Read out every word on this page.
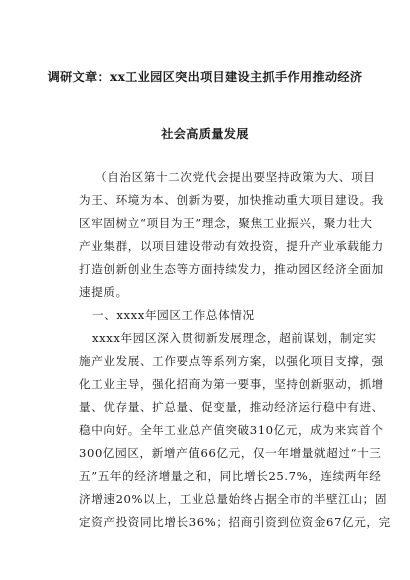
调研文章：xx工业园区突出项目建设主抓手作用推动经济
社会高质量发展
（自治区第十二次党代会提出要坚持政策为大、项目
为王、环境为本、创新为要，加快推动重大项目建设。我
区牢固树立“项目为王”理念，聚焦工业振兴，聚力壮大
产业集群，以项目建设带动有效投资，提升产业承载能力
打造创新创业生态等方面持续发力，推动园区经济全面加
速提质。
一、xxxx年园区工作总体情况
xxxx年园区深入贯彻新发展理念，超前谋划，制定实
施产业发展、工作要点等系列方案，以强化项目支撑，强
化工业主导，强化招商为第一要事，坚持创新驱动，抓增
量、优存量、扩总量、促变量，推动经济运行稳中有进、
稳中向好。全年工业总产值突破310亿元，成为来宾首个
300亿园区，新增产值66亿元，仅一年增量就超过“十三
五”五年的经济增量之和，同比增长25.7%，连续两年经
济增速20%以上，工业总量始终占据全市的半壁江山；固
定资产投资同比增长36%；招商引资到位资金67亿元，完
